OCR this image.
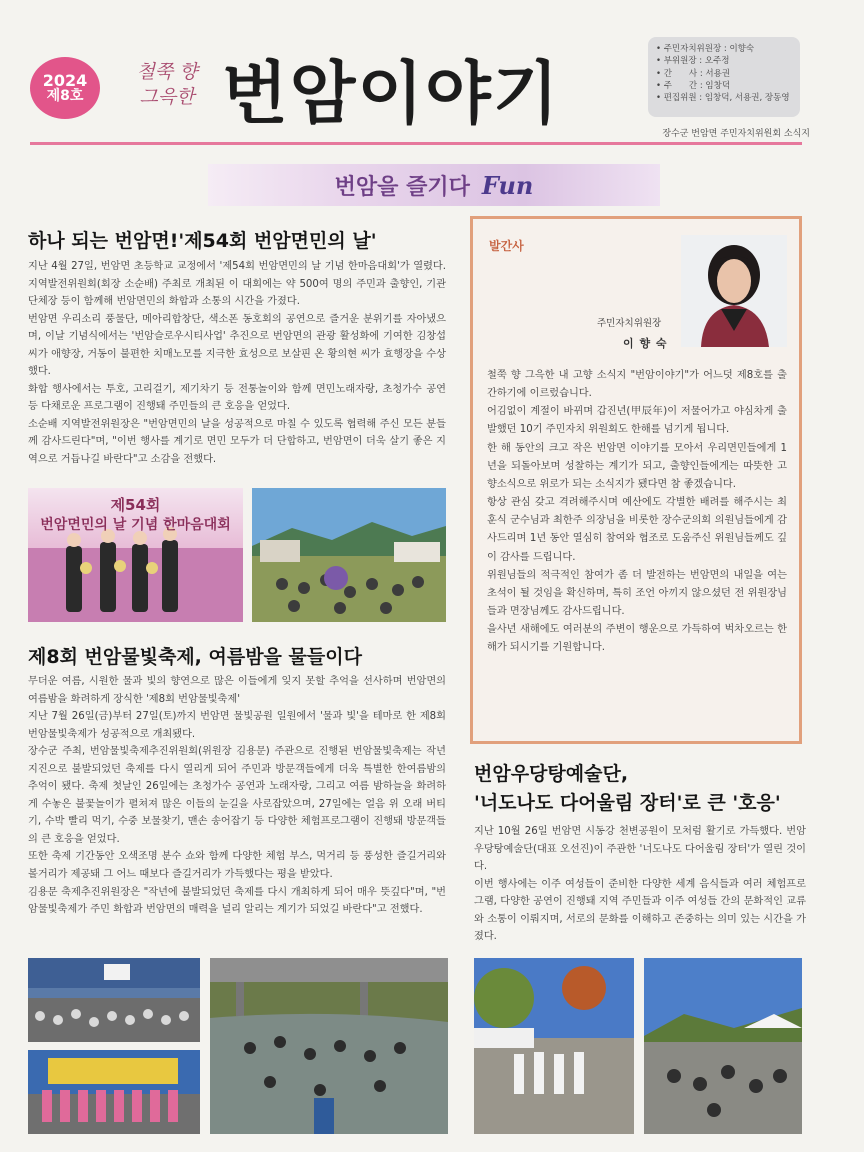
2024
제8호
철쭉 향
그윽한 번암이야기
• 주민자치위원장 : 이향숙
• 부위원장 : 오주정
• 간　　사 : 서용권
• 주　　간 : 임창덕
• 편집위원 : 임창덕, 서용권, 장동영
장수군 번암면 주민자치위원회 소식지
번암을 즐기다 Fun
하나 되는 번암면!'제54회 번암면민의 날'

지난 4월 27일, 번암면 초등학교 교정에서 '제54회 번암면민의 날 기념 한마음대회'가 열렸다. 지역발전위원회(회장 소순배) 주최로 개최된 이 대회에는 약 500여 명의 주민과 출향인, 기관단체장 등이 함께해 번암면민의 화합과 소통의 시간을 가졌다.

번암면 우리소리 풍물단, 메아리합창단, 색소폰 동호회의 공연으로 즐거운 분위기를 자아냈으며, 이날 기념식에서는 '번암슬로우시티사업' 추진으로 번암면의 관광 활성화에 기여한 김창섭 씨가 애향장, 거동이 불편한 치매노모를 지극한 효성으로 보살핀 온 황의현 씨가 효행장을 수상했다.

화합 행사에서는 투호, 고리걸기, 제기차기 등 전통놀이와 함께 면민노래자랑, 초청가수 공연 등 다채로운 프로그램이 진행돼 주민들의 큰 호응을 얻었다.

소순배 지역발전위원장은 "번암면민의 날을 성공적으로 마칠 수 있도록 협력해 주신 모든 분들께 감사드린다"며, "이번 행사를 계기로 면민 모두가 더 단합하고, 번암면이 더욱 살기 좋은 지역으로 거듭나길 바란다"고 소감을 전했다.

제54회
번암면민의 날 기념 한마음대회
제8회 번암물빛축제, 여름밤을 물들이다

무더운 여름, 시원한 물과 빛의 향연으로 많은 이들에게 잊지 못할 추억을 선사하며 번암면의 여름밤을 화려하게 장식한 '제8회 번암물빛축제'

지난 7월 26일(금)부터 27일(토)까지 번암면 물빛공원 일원에서 '물과 빛'을 테마로 한 제8회 번암물빛축제가 성공적으로 개최됐다.

장수군 주최, 번암물빛축제추진위원회(위원장 김용문) 주관으로 진행된 번암물빛축제는 작년 지진으로 불발되었던 축제를 다시 열리게 되어 주민과 방문객들에게 더욱 특별한 한여름밤의 추억이 됐다. 축제 첫날인 26일에는 초청가수 공연과 노래자랑, 그리고 여름 밤하늘을 화려하게 수놓은 불꽃놀이가 펼쳐져 많은 이들의 눈길을 사로잡았으며, 27일에는 얼음 위 오래 버티기, 수박 빨리 먹기, 수중 보물찾기, 맨손 송어잡기 등 다양한 체험프로그램이 진행돼 방문객들의 큰 호응을 얻었다.

또한 축제 기간동안 오색조명 분수 쇼와 함께 다양한 체험 부스, 먹거리 등 풍성한 즐길거리와 볼거리가 제공돼 그 어느 때보다 즐길거리가 가득했다는 평을 받았다.

김용문 축제추진위원장은 "작년에 불발되었던 축제를 다시 개최하게 되어 매우 뜻깊다"며, "번암물빛축제가 주민 화합과 번암면의 매력을 널리 알리는 계기가 되었길 바란다"고 전했다.

발간사
주민자치위원장
이 향 숙

철쭉 향 그윽한 내 고향 소식지 "번암이야기"가 어느덧 제8호를 출간하기에 이르렀습니다.

어김없이 계절이 바뀌며 갑진년(甲辰年)이 저물어가고 야심차게 출발했던 10기 주민자치 위원회도 한해를 넘기게 됩니다.

한 해 동안의 크고 작은 번암면 이야기를 모아서 우리면민들에게 1년을 되돌아보며 성찰하는 계기가 되고, 출향인들에게는 따뜻한 고향소식으로 위로가 되는 소식지가 됐다면 참 좋겠습니다.

항상 관심 갖고 격려해주시며 예산에도 각별한 배려를 해주시는 최훈식 군수님과 최한주 의장님을 비롯한 장수군의회 의원님들에게 감사드리며 1년 동안 열심히 참여와 협조로 도움주신 위원님들께도 깊이 감사를 드립니다.

위원님들의 적극적인 참여가 좀 더 발전하는 번암면의 내일을 여는 초석이 될 것임을 확신하며, 특히 조언 아끼지 않으셨던 전 위원장님들과 면장님께도 감사드립니다.

을사년 새해에도 여러분의 주변이 행운으로 가득하여 벅차오르는 한해가 되시기를 기원합니다.

번암우당탕예술단,
'너도나도 다어울림 장터'로 큰 '호응'

지난 10월 26일 번암면 시동강 천변공원이 모처럼 활기로 가득했다. 번암우당탕예술단(대표 오선진)이 주관한 '너도나도 다어울림 장터'가 열린 것이다.

이번 행사에는 이주 여성들이 준비한 다양한 세계 음식들과 여러 체험프로그램, 다양한 공연이 진행돼 지역 주민들과 이주 여성들 간의 문화적인 교류와 소통이 이뤄지며, 서로의 문화를 이해하고 존중하는 의미 있는 시간을 가졌다.
